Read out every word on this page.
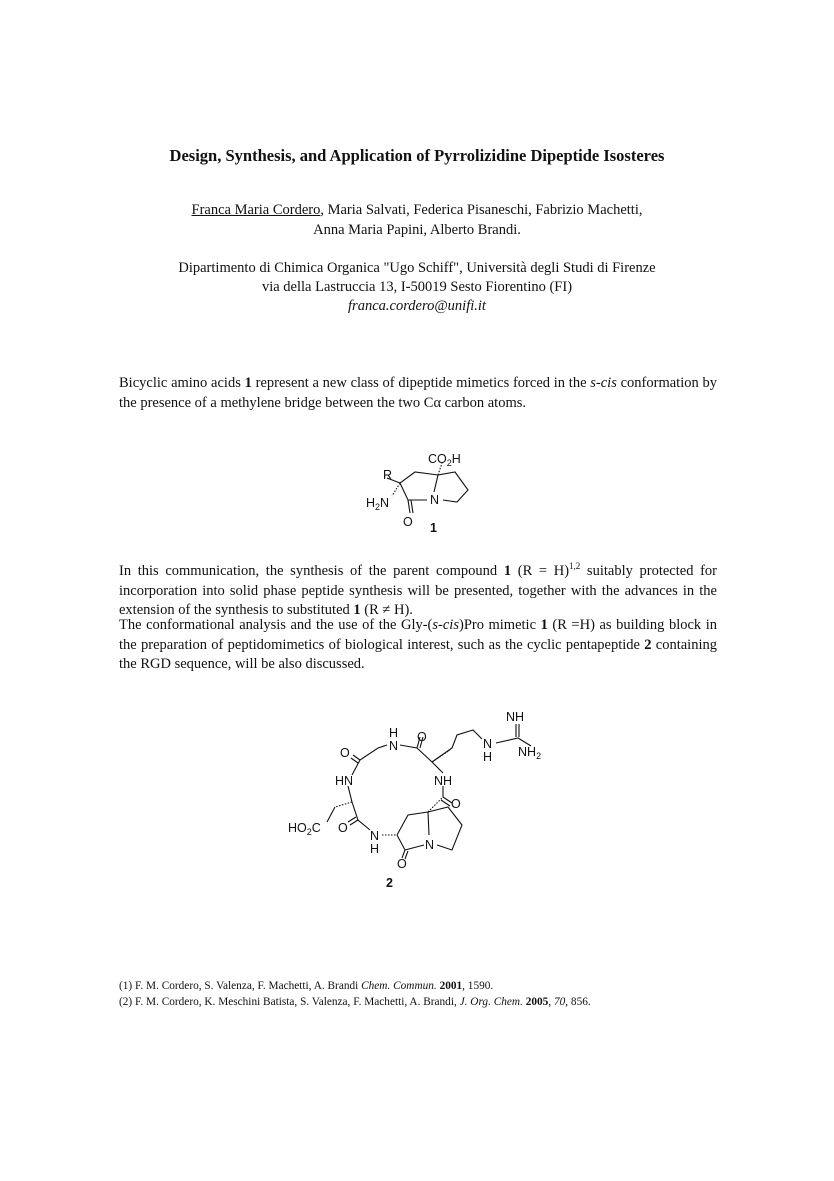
Design, Synthesis, and Application of Pyrrolizidine Dipeptide Isosteres
Franca Maria Cordero, Maria Salvati, Federica Pisaneschi, Fabrizio Machetti,
Anna Maria Papini, Alberto Brandi.
Dipartimento di Chimica Organica "Ugo Schiff", Università degli Studi di Firenze
via della Lastruccia 13, I-50019 Sesto Fiorentino (FI)
franca.cordero@unifi.it
Bicyclic amino acids 1 represent a new class of dipeptide mimetics forced in the s-cis conformation by the presence of a methylene bridge between the two Cα carbon atoms.
$CO_2H$
R
$H_2N$	N
O 1
NH
N
H $NH_2$
O
H
N
O
HN	NH
O
$HO_2C$ O
N
H	N
O
2
In this communication, the synthesis of the parent compound 1 (R = H)$^{1,2}$ suitably protected for incorporation into solid phase peptide synthesis will be presented, together with the advances in the extension of the synthesis to substituted 1 (R ≠ H).
The conformational analysis and the use of the Gly-(s-cis)Pro mimetic 1 (R =H) as building block in the preparation of peptidomimetics of biological interest, such as the cyclic pentapeptide 2 containing the RGD sequence, will be also discussed.
(1) F. M. Cordero, S. Valenza, F. Machetti, A. Brandi Chem. Commun. 2001, 1590.
(2) F. M. Cordero, K. Meschini Batista, S. Valenza, F. Machetti, A. Brandi, J. Org. Chem. 2005, 70, 856.
